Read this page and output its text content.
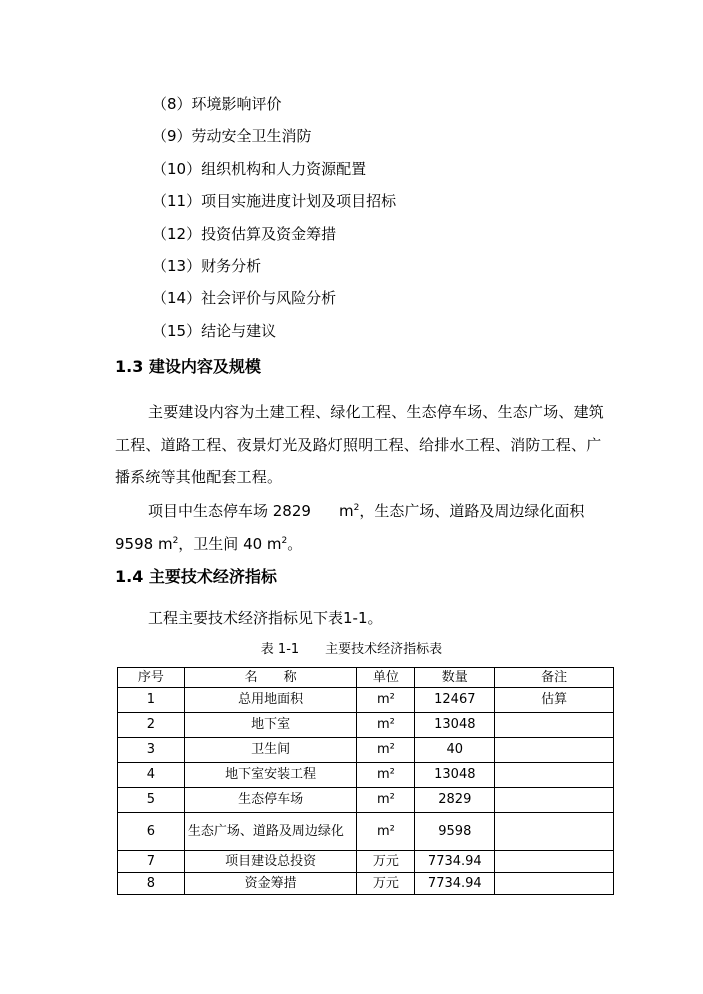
（8）环境影响评价
（9）劳动安全卫生消防
（10）组织机构和人力资源配置
（11）项目实施进度计划及项目招标
（12）投资估算及资金筹措
（13）财务分析
（14）社会评价与风险分析
（15）结论与建议
1.3 建设内容及规模
主要建设内容为土建工程、绿化工程、生态停车场、生态广场、建筑工程、道路工程、夜景灯光及路灯照明工程、给排水工程、消防工程、广播系统等其他配套工程。
项目中生态停车场 2829 $m^2$，生态广场、道路及周边绿化面积
9598 $m^2$，卫生间 40 $m^2$。
1.4 主要技术经济指标
工程主要技术经济指标见下表1-1。
表 1-1 主要技术经济指标表
序号	名　　称	单位	数量	备注
1	总用地面积	m²	12467	估算
2	地下室	m²	13048	
3	卫生间	m²	40	
4	地下室安装工程	m²	13048	
5	生态停车场	m²	2829	
6	生态广场、道路及周边绿化	m²	9598	
7	项目建设总投资	万元	7734.94	
8	资金筹措	万元	7734.94	
